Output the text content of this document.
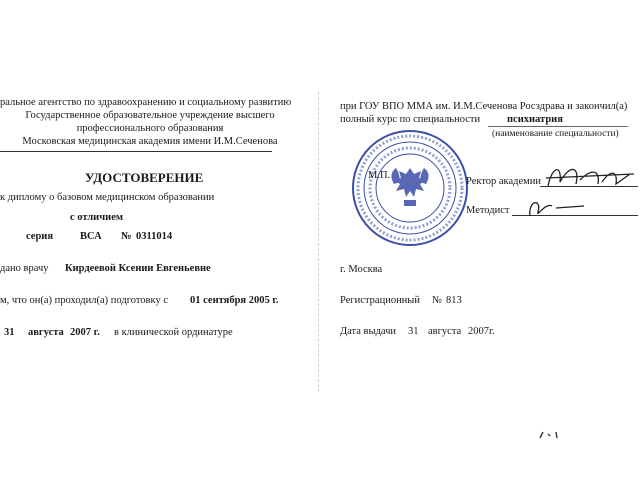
ральное агентство по здравоохранению и социальному развитию
Государственное образовательное учреждение высшего
профессионального образования
Московская медицинская академия имени И.М.Сеченова
УДОСТОВЕРЕНИЕ
к диплому о базовом медицинском образовании
с отличием
серия	ВСА № 0311014
дано врачу Кирдеевой Ксении Евгеньевне
м, что он(а) проходил(а) подготовку с 01 сентября 2005 г.
31 августа 2007 г. в клинической ординатуре
при ГОУ ВПО ММА им. И.М.Сеченова Росздрава и закончил(а)
полный курс по специальности	психиатрия
(наименование специальности)
М.П.
Ректор академии
Методист
г. Москва
Регистрационный № 813
Дата выдачи 31 августа 2007г.
